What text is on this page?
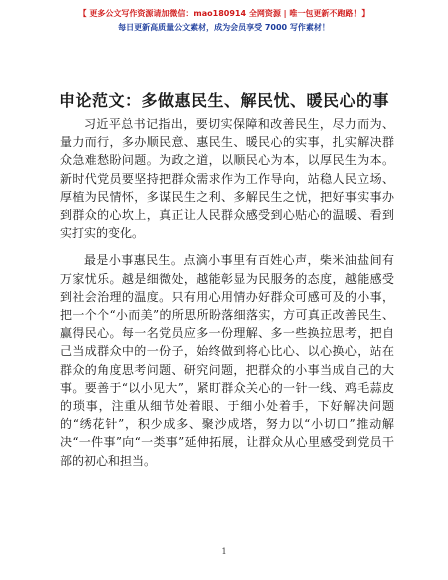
【 更多公文写作资源请加微信：mao180914 全网资源 | 唯一包更新不跑路！】
每日更新高质量公文素材，成为会员享受 7000 写作素材！
申论范文：多做惠民生、解民忧、暖民心的事

习近平总书记指出，要切实保障和改善民生，尽力而为、量力而行，多办顺民意、惠民生、暖民心的实事，扎实解决群众急难愁盼问题。为政之道，以顺民心为本，以厚民生为本。新时代党员要坚持把群众需求作为工作导向，站稳人民立场、厚植为民情怀，多谋民生之利、多解民生之忧，把好事实事办到群众的心坎上，真正让人民群众感受到心贴心的温暖、看到实打实的变化。

最是小事惠民生。点滴小事里有百姓心声，柴米油盐间有万家忧乐。越是细微处，越能彰显为民服务的态度，越能感受到社会治理的温度。只有用心用情办好群众可感可及的小事，把一个个“小而美”的所思所盼落细落实，方可真正改善民生、赢得民心。每一名党员应多一份理解、多一些换拉思考，把自己当成群众中的一份子，始终做到将心比心、以心换心，站在群众的角度思考问题、研究问题，把群众的小事当成自己的大事。要善于“以小见大”，紧盯群众关心的一针一线、鸡毛蒜皮的琐事，注重从细节处着眼、于细小处着手，下好解决问题的“绣花针”，积少成多、聚沙成塔，努力以“小切口”推动解决“一件事”向“一类事”延伸拓展，让群众从心里感受到党员干部的初心和担当。

1
